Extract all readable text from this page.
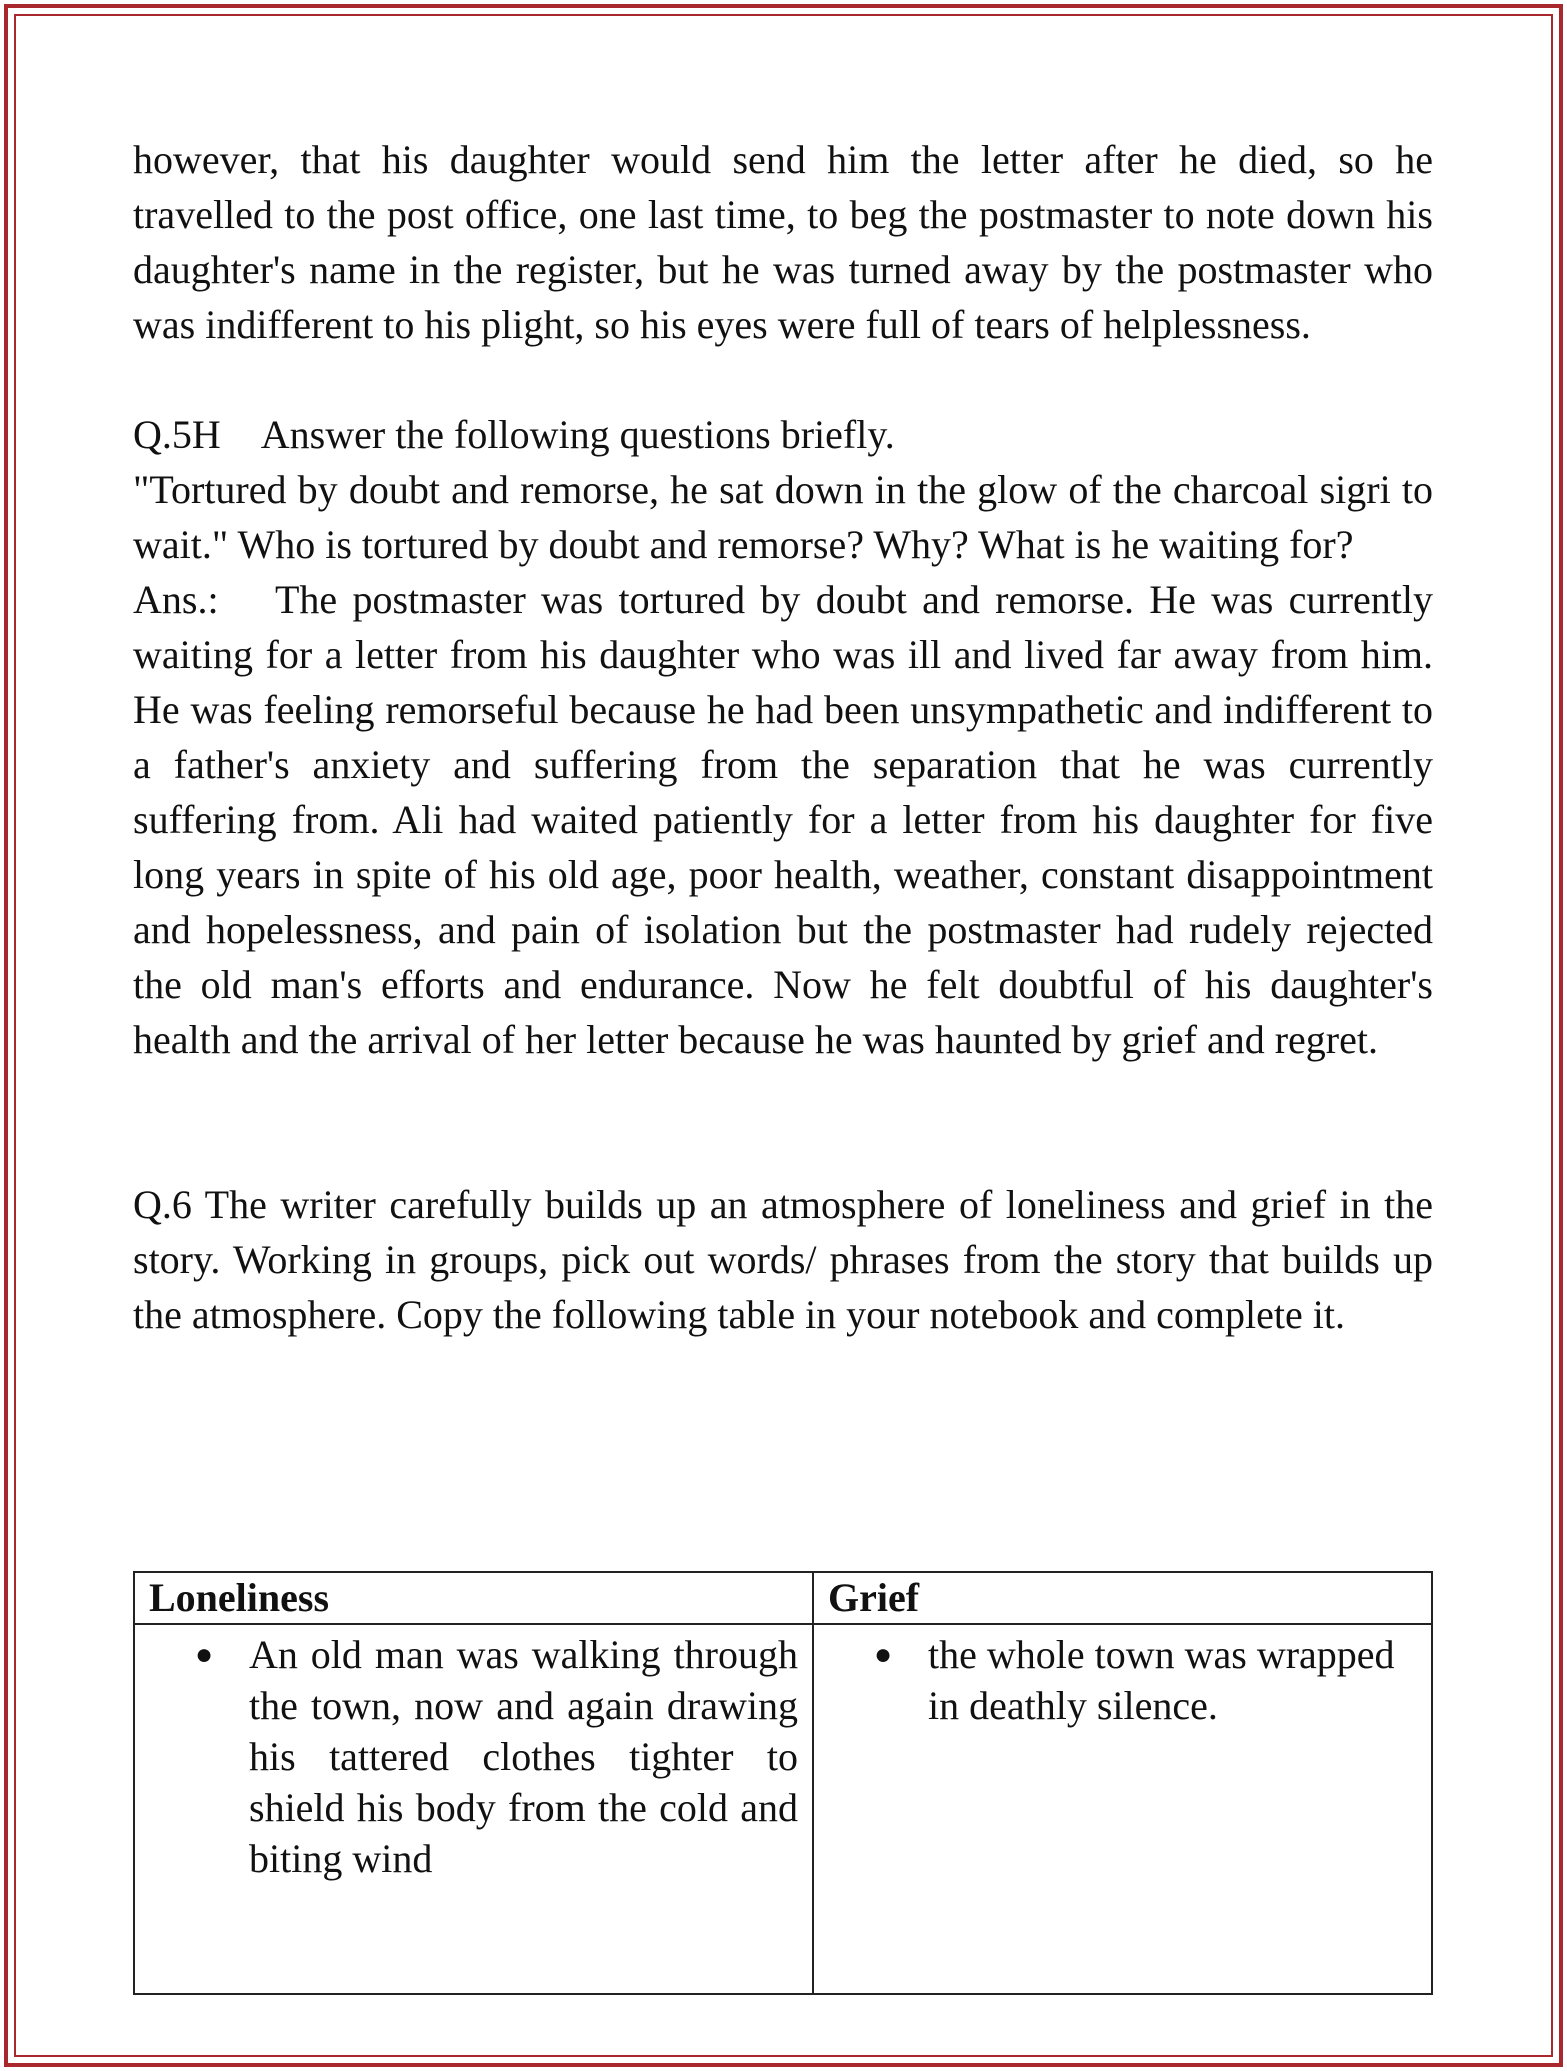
however, that his daughter would send him the letter after he died, so he travelled to the post office, one last time, to beg the postmaster to note down his daughter's name in the register, but he was turned away by the postmaster who was indifferent to his plight, so his eyes were full of tears of helplessness.

Q.5H Answer the following questions briefly.

"Tortured by doubt and remorse, he sat down in the glow of the charcoal sigri to wait." Who is tortured by doubt and remorse? Why? What is he waiting for?

Ans.: The postmaster was tortured by doubt and remorse. He was currently waiting for a letter from his daughter who was ill and lived far away from him. He was feeling remorseful because he had been unsympathetic and indifferent to a father's anxiety and suffering from the separation that he was currently suffering from. Ali had waited patiently for a letter from his daughter for five long years in spite of his old age, poor health, weather, constant disappointment and hopelessness, and pain of isolation but the postmaster had rudely rejected the old man's efforts and endurance. Now he felt doubtful of his daughter's health and the arrival of her letter because he was haunted by grief and regret.

Q.6 The writer carefully builds up an atmosphere of loneliness and grief in the story. Working in groups, pick out words/ phrases from the story that builds up the atmosphere. Copy the following table in your notebook and complete it.

Loneliness	Grief

● An old man was walking through the town, now and again drawing his tattered clothes tighter to shield his body from the cold and biting wind	● the whole town was wrapped in deathly silence.
